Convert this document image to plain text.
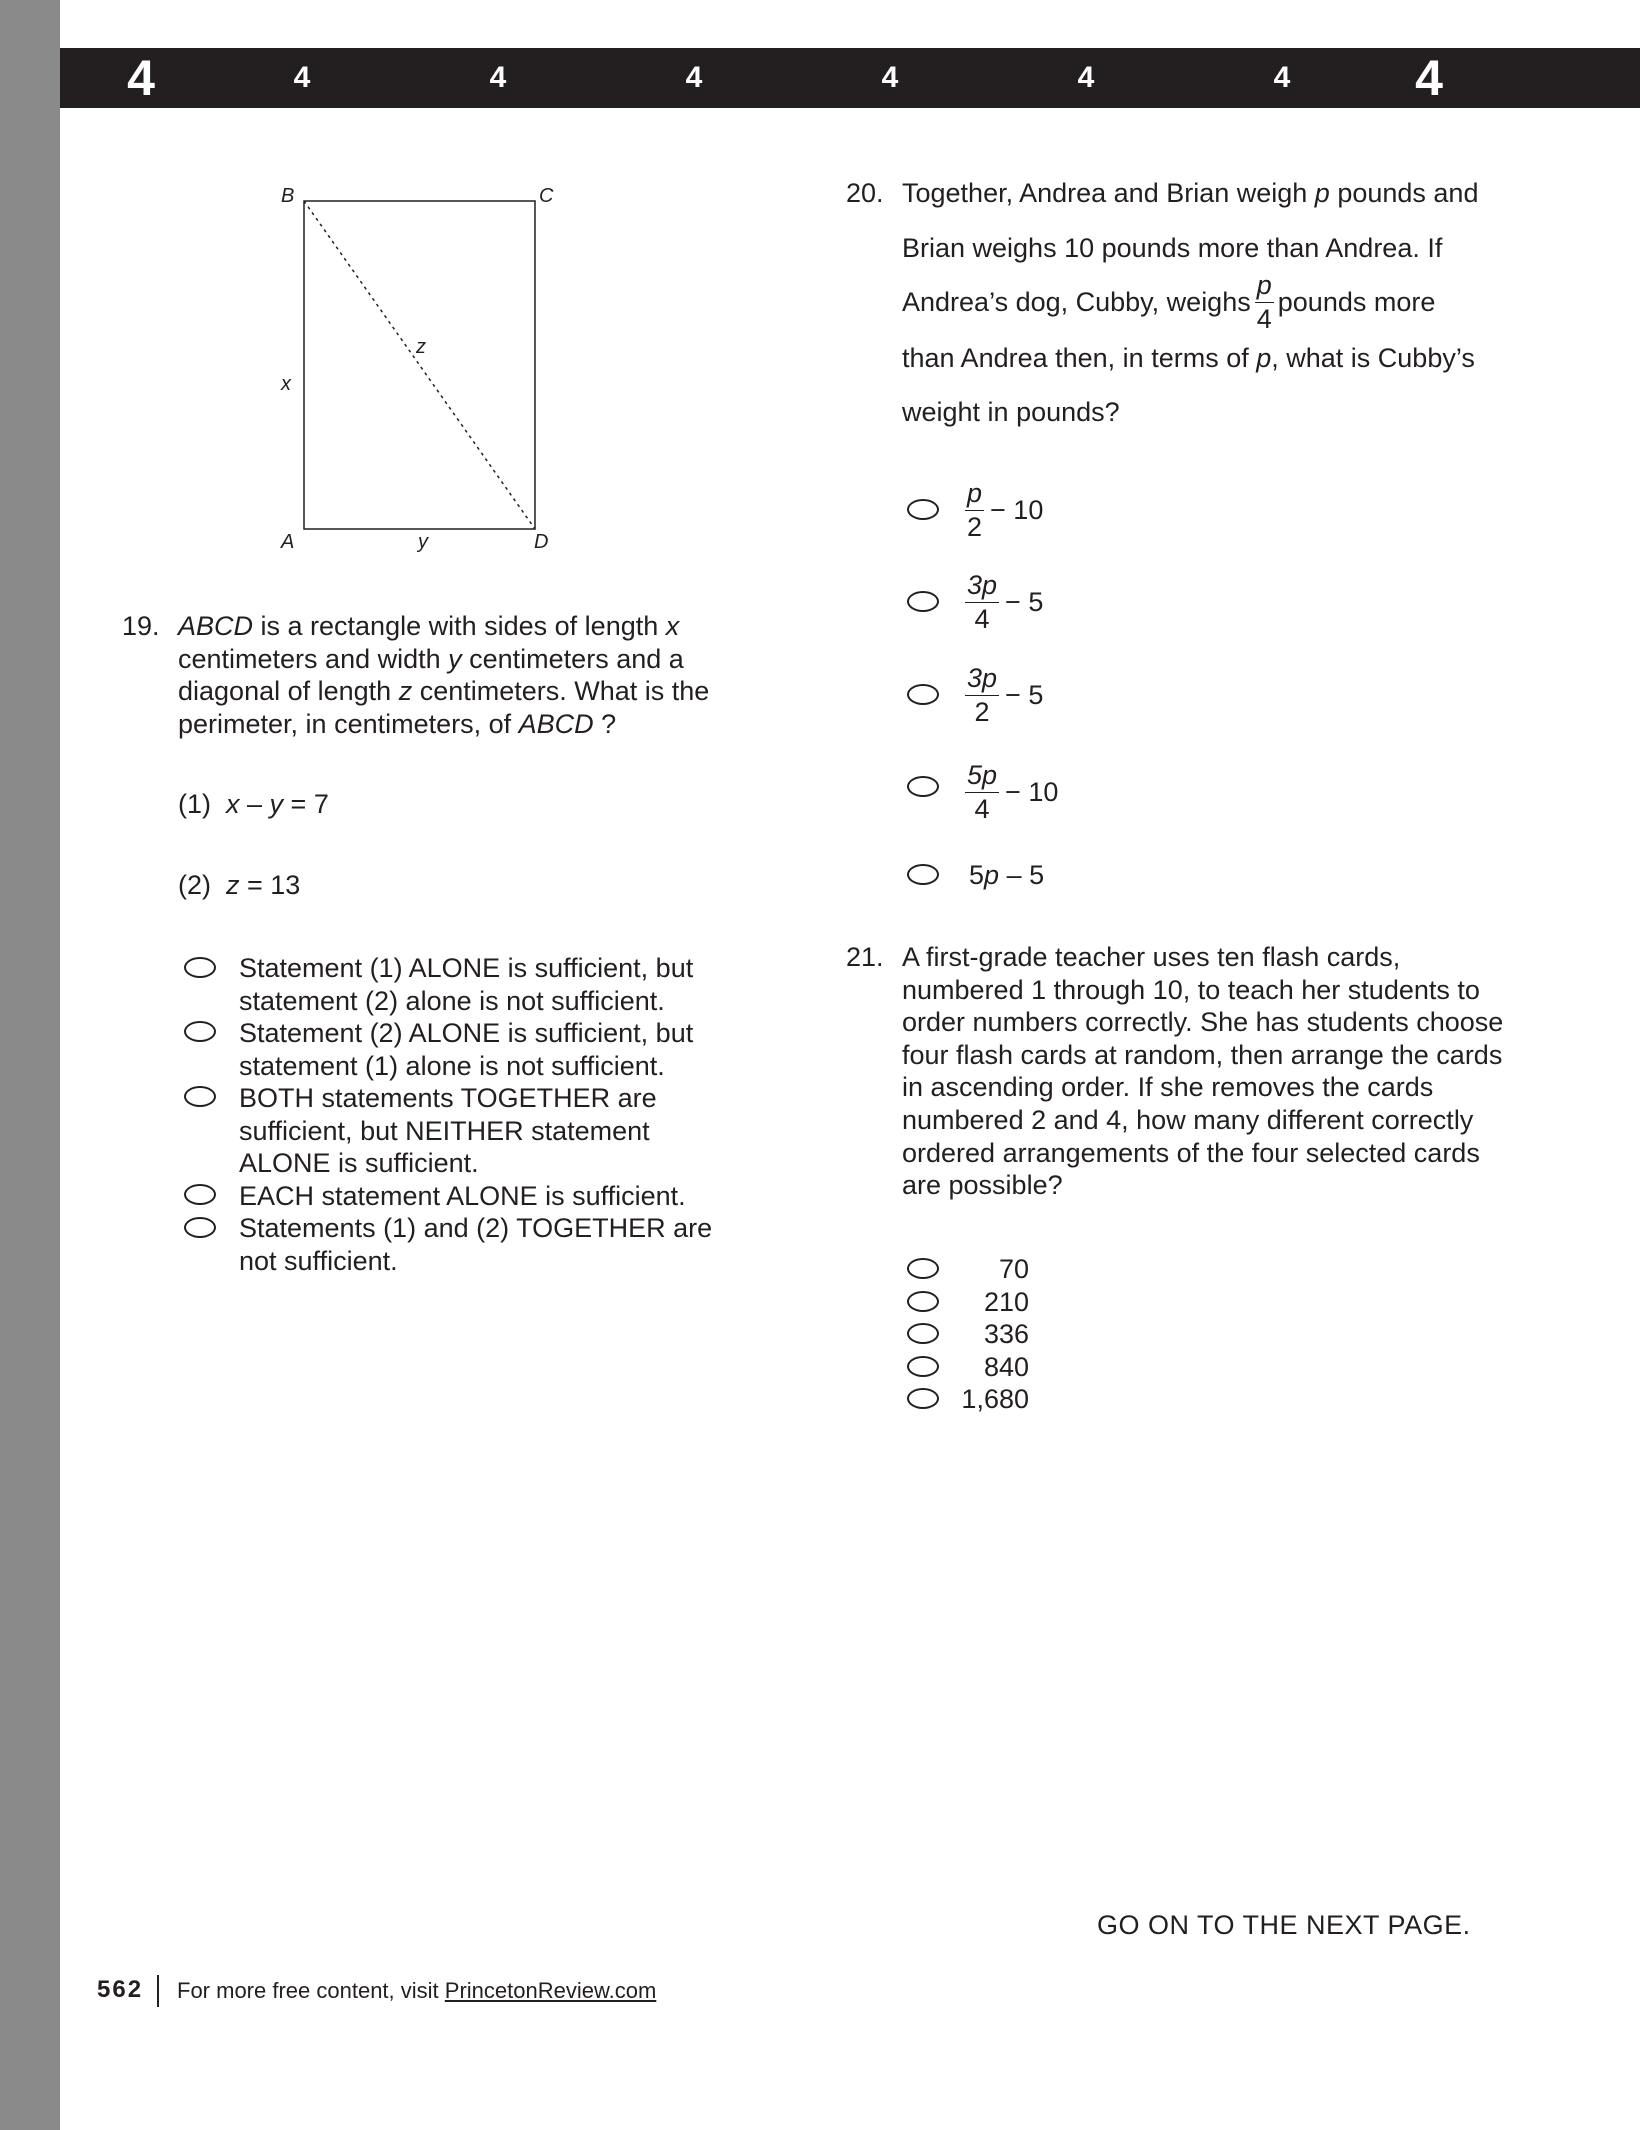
4	4	4	4	4	4	4 4
B	C
A	D
x
y
z
19. ABCD is a rectangle with sides of length x
centimeters and width y centimeters and a
diagonal of length z centimeters. What is the
perimeter, in centimeters, of ABCD ?
(1) x – y = 7
(2) z = 13
Statement (1) ALONE is sufficient, but
statement (2) alone is not sufficient.
Statement (2) ALONE is sufficient, but
statement (1) alone is not sufficient.
BOTH statements TOGETHER are
sufficient, but NEITHER statement
ALONE is sufficient.
EACH statement ALONE is sufficient.
Statements (1) and (2) TOGETHER are
not sufficient.
20. Together, Andrea and Brian weigh p pounds and
Brian weighs 10 pounds more than Andrea. If
Andrea’s dog, Cubby, weighs $\frac{p}{4}$ pounds more
than Andrea then, in terms of p, what is Cubby’s
weight in pounds?
$\frac{p}{2} - 10$
$\frac{3p}{4} - 5$
$\frac{3p}{2} - 5$
$\frac{5p}{4} - 10$
5p – 5
21. A first-grade teacher uses ten flash cards,
numbered 1 through 10, to teach her students to
order numbers correctly. She has students choose
four flash cards at random, then arrange the cards
in ascending order. If she removes the cards
numbered 2 and 4, how many different correctly
ordered arrangements of the four selected cards
are possible?
70
210
336
840
1,680
GO ON TO THE NEXT PAGE.
562 For more free content, visit PrincetonReview.com
